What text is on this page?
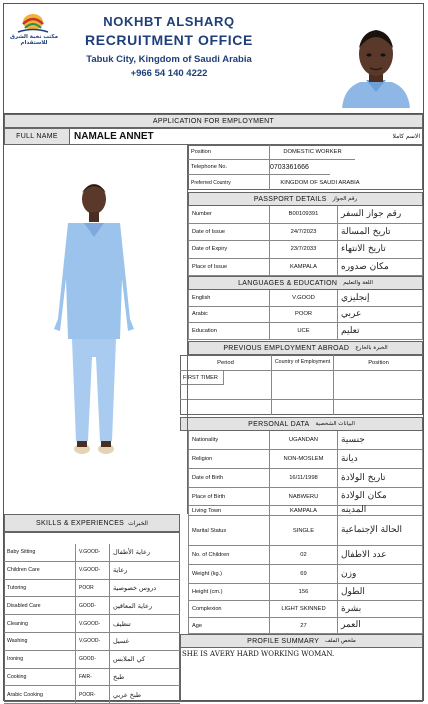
مكتب نخبة الشرق للاستقدام
NOKHBT ALSHARQ
RECRUITMENT OFFICE
Tabuk City, Kingdom of Saudi Arabia
+966 54 140 4222
APPLICATION FOR EMPLOYMENT
FULL NAME	NAMALE ANNET	الاسم كاملا
Position	DOMESTIC WORKER
Telephone No.	0703361666
Preferred Country	KINGDOM OF SAUDI ARABIA
PASSPORT DETAILS رقم الجواز
LANGUAGES & EDUCATION اللغة والتعليم
PREVIOUS EMPLOYMENT ABROAD الخبرة بالخارج
Period	Country of Employment	Position
FIRST TIMER
PERSONAL DATA البيانات الشخصية
SKILLS & EXPERIENCES الخبرات
PROFILE SUMMARY ملخص الملف
SHE IS AVERY HARD WORKING WOMAN.
Number	B00109391	رقم جواز السفر
Date of Issue	24/7/2023	تاريخ المسالة
Date of Expiry	23/7/2033	تاريخ الانتهاء
Place of Issue	KAMPALA	مكان صدوره
English	V.GOOD	إنجليزي
Arabic	POOR	عربي
Education	UCE	تعليم
Nationality	UGANDAN	جنسية
Religion	NON-MOSLEM	ديانة
Date of Birth	16/11/1998	تاريخ الولادة
Place of Birth	NABWERU	مكان الولادة
Living Town	KAMPALA	المدينه
Marital Status	SINGLE	الحالة الإجتماعية
No. of Children	02	عدد الاطفال
Weight (kg.)	69	وزن
Height (cm.)	156	الطول
Complexion	LIGHT SKINNED	بشرة
Age	27	العمر
Baby Sitting	V.GOOD-	رعاية الأطفال
Children Care	V.GOOD-	رعاية
Tutoring	POOR	دروس خصوصية
Disabled Care	GOOD-	رعاية المعاقين
Cleaning	V.GOOD-	تنظيف
Washing	V.GOOD-	غسيل
Ironing	GOOD-	كي الملابس
Cooking	FAIR-	طبخ
Arabic Cooking	POOR-	طبخ عربي
